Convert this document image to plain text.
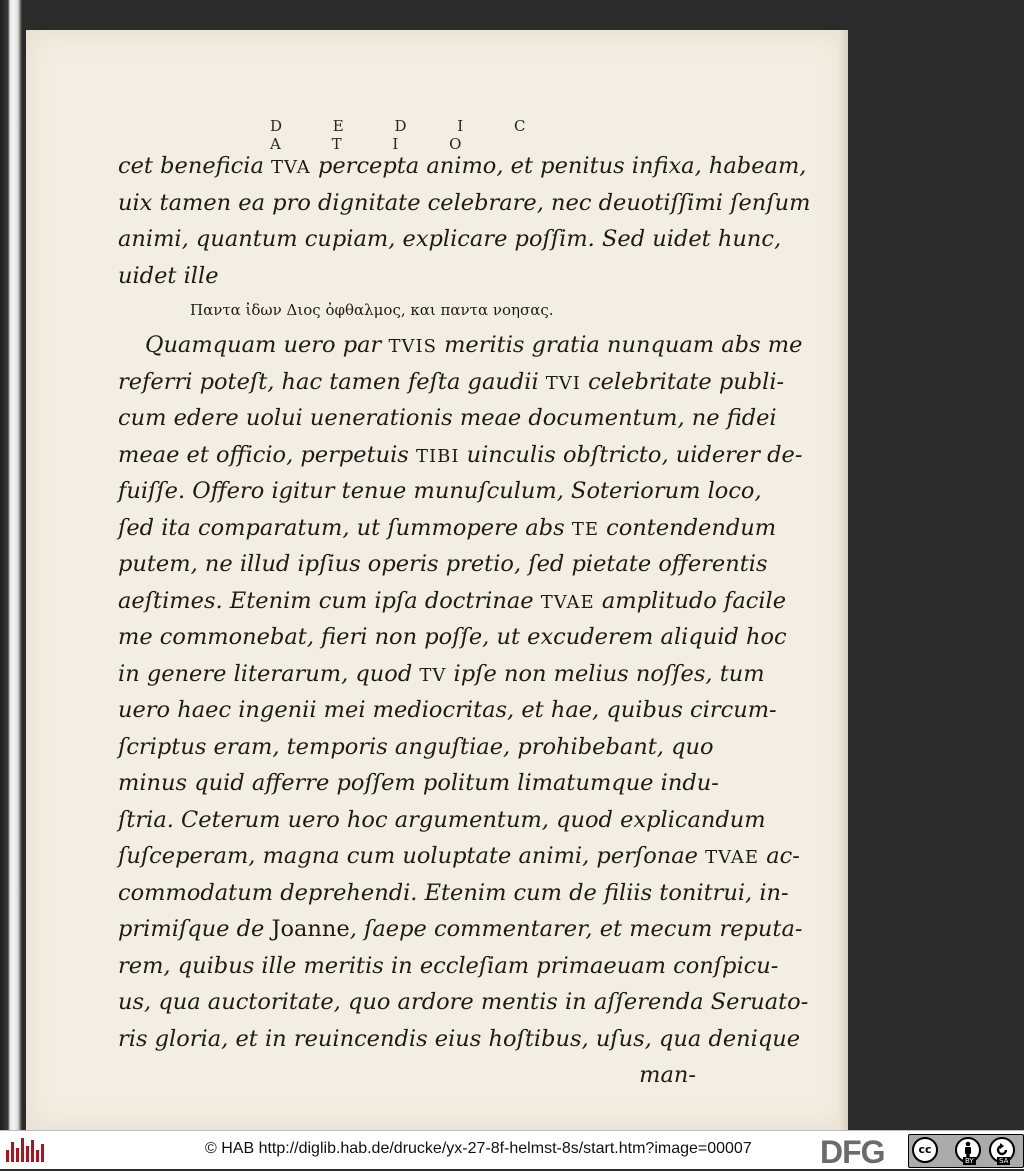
D E D I C A T I O
cet beneficia TVA percepta animo, et penitus infixa, habeam,
uix tamen ea pro dignitate celebrare, nec deuotiſſimi ſenſum
animi, quantum cupiam, explicare poſſim. Sed uidet hunc,
uidet ille
Παντα ἰδων Διος ὀφθαλμος, και παντα νοησας.
Quamquam uero par TVIS meritis gratia nunquam abs me
referri poteſt, hac tamen feſta gaudii TVI celebritate publi-
cum edere uolui uenerationis meae documentum, ne fidei
meae et officio, perpetuis TIBI uinculis obſtricto, uiderer de-
fuiſſe. Offero igitur tenue munuſculum, Soteriorum loco,
ſed ita comparatum, ut ſummopere abs TE contendendum
putem, ne illud ipſius operis pretio, ſed pietate offerentis
aeſtimes. Etenim cum ipſa doctrinae TVAE amplitudo facile
me commonebat, fieri non poſſe, ut excuderem aliquid hoc
in genere literarum, quod TV ipſe non melius noſſes, tum
uero haec ingenii mei mediocritas, et hae, quibus circum-
ſcriptus eram, temporis anguſtiae, prohibebant, quo
minus quid afferre poſſem politum limatumque indu-
ſtria. Ceterum uero hoc argumentum, quod explicandum
ſuſceperam, magna cum uoluptate animi, perſonae TVAE ac-
commodatum deprehendi. Etenim cum de filiis tonitrui, in-
primiſque de Joanne, ſaepe commentarer, et mecum reputa-
rem, quibus ille meritis in eccleſiam primaeuam conſpicu-
us, qua auctoritate, quo ardore mentis in aſſerenda Seruato-
ris gloria, et in reuincendis eius hoſtibus, uſus, qua denique
man-
© HAB http://diglib.hab.de/drucke/yx-27-8f-helmst-8s/start.htm?image=00007 DFG	cc
BY	SA
